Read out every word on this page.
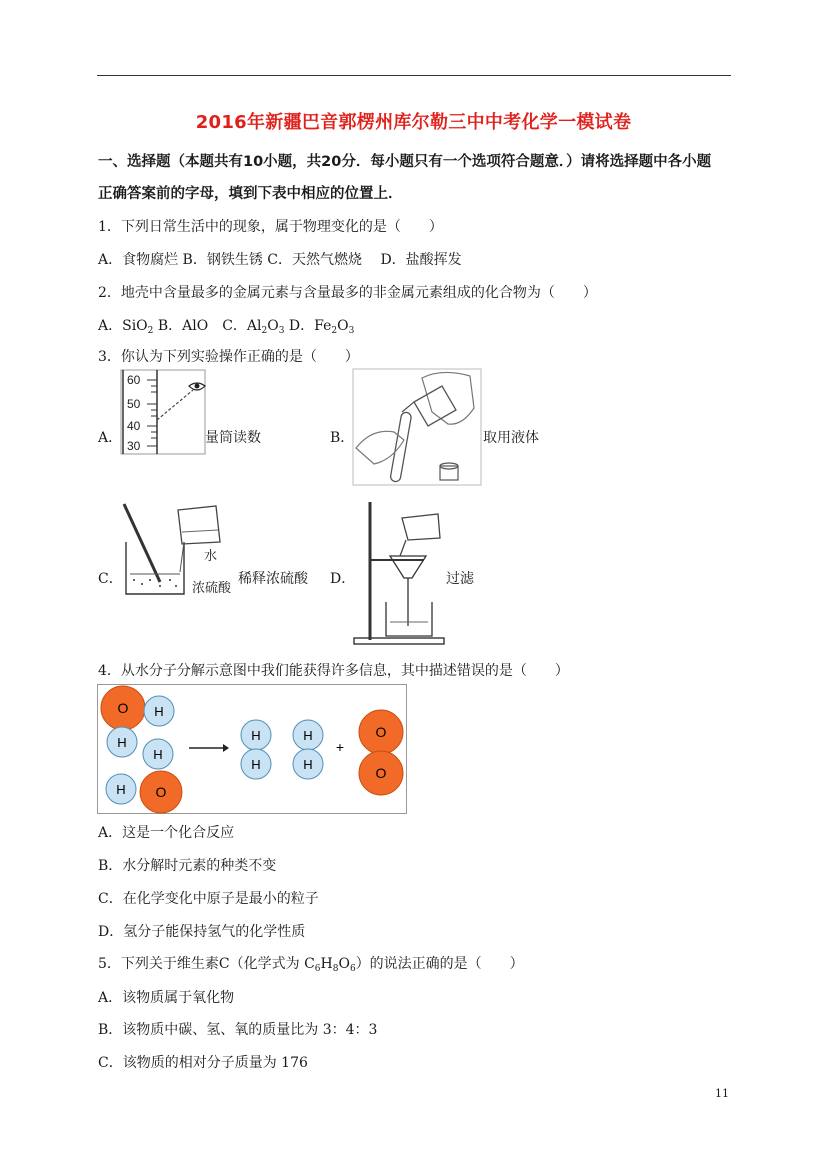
2016年新疆巴音郭楞州库尔勒三中中考化学一模试卷
一、选择题（本题共有10小题，共20分．每小题只有一个选项符合题意．）请将选择题中各小题
正确答案前的字母，填到下表中相应的位置上．
1．下列日常生活中的现象，属于物理变化的是（　　）
A．食物腐烂 B．钢铁生锈 C．天然气燃烧　 D．盐酸挥发
2．地壳中含量最多的金属元素与含量最多的非金属元素组成的化合物为（　　）
A．SiO$_2$ B．AlO　C．$Al_2O_3$ D．$Fe_2O_3$
3．你认为下列实验操作正确的是（　　）
A．
60
50
40
30	量筒读数	B．	取用液体
C．
水
浓硫酸
稀释浓硫酸 D．	过滤
4．从水分子分解示意图中我们能获得许多信息，其中描述错误的是（　　）
O H
H
H
H O
H
H
H
H
+
O
O
A．这是一个化合反应
B．水分解时元素的种类不变
C．在化学变化中原子是最小的粒子
D．氢分子能保持氢气的化学性质
5．下列关于维生素C（化学式为 $C_6H_8O_6$）的说法正确的是（　　）
A．该物质属于氧化物
B．该物质中碳、氢、氧的质量比为 3：4：3
C．该物质的相对分子质量为 176
11
